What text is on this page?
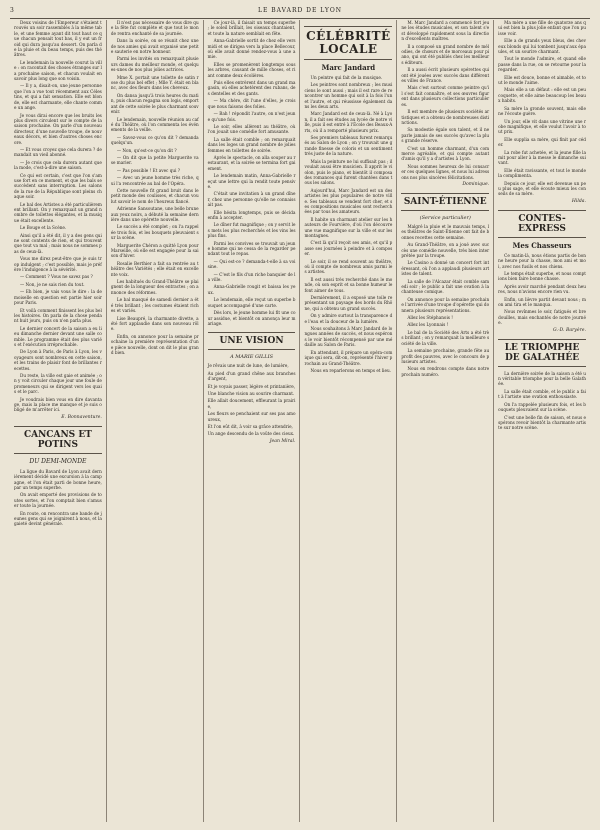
3	LE BAVARD DE LYON

Deux voisins de l'Empereur s'étaient trouvés un soir rassemblés à la même table, et une femme ayant dit tout haut ce que chacun pensait tout bas, il y eut un froid qui dura jusqu'au dessert. On parla de la pluie et du beau temps, puis des théâtres.

Le lendemain la nouvelle courut la ville : on racontait des choses étranges sur la prochaine saison, et chacun voulait en savoir plus long que son voisin.

— Il y a, disait-on, une jeune personne que l'on a vue tout récemment aux Célestins, et qui a fait sensation. Elle est blonde, elle est charmante, elle chante comme un ange.

Je vous dirai encore que les bruits les plus divers circulent sur le compte de la saison prochaine. On parle d'un nouveau directeur, d'une nouvelle troupe, de nouveaux décors, et bien d'autres choses encore.

— Et vous croyez que cela durera ? demandait un vieil abonné.

— Je crois que cela durera autant que la mode, c'est-à-dire une saison.

Ce qui est certain, c'est que l'on s'amuse fort en ce moment, et que les bals se succèdent sans interruption. Les salons de la rue de la République sont pleins chaque soir.

Le bal des Artistes a été particulièrement brillant. On y remarquait un grand nombre de toilettes élégantes, et la musique était excellente.

Le Bouge et la Scène.

Ainsi qu'il a été dit, il y a des gens qui ne sont contents de rien, et qui trouvent que tout va mal ; mais nous ne sommes pas de ceux-là.

Vous me direz peut-être que je suis trop indulgent ; c'est possible, mais je préfère l'indulgence à la sévérité.

— Comment ? Vous ne savez pas ?

— Non, je ne sais rien du tout.

— Eh bien, je vais vous le dire : la demoiselle en question est partie hier soir pour Paris.

Et voilà comment finissent les plus belles histoires. On parla de la chose pendant huit jours, puis on n'en parla plus.

Le dernier concert de la saison a eu lieu dimanche dernier devant une salle comble. Le programme était des plus variés et l'exécution irréprochable.

De Lyon à Paris, de Paris à Lyon, les voyageurs sont nombreux en cette saison, et les trains de plaisir font de brillantes recettes.

Du reste, la ville est gaie et animée ; on y voit circuler chaque jour une foule de promeneurs qui se dirigent vers les quais et le parc.

Je voudrais bien vous en dire davantage, mais la place me manque et je suis obligé de m'arrêter ici.

E. Bonnaventure.
CANCANS ET POTINS
DU DEMI-MONDE

La ligue du Bavard de Lyon avait dernièrement décidé une excursion à la campagne, et l'on était parti de bonne heure, par un temps superbe.

On avait emporté des provisions de toutes sortes, et l'on comptait bien s'amuser toute la journée.

En route, on rencontra une bande de jeunes gens qui se joignirent à nous, et la gaieté devint générale.

Il n'est pas nécessaire de vous dire que la fête fut complète et que tout le monde rentra enchanté de sa journée.

Dans la soirée, on se réunit chez une de nos amies qui avait organisé une petite sauterie en notre honneur.

Parmi les invités on remarquait plusieurs dames du meilleur monde, et quelques-unes de nos plus jolies actrices.

Mme X. portait une toilette de satin rose du plus bel effet ; Mlle Y. était en blanc, avec des fleurs dans les cheveux.

On dansa jusqu'à trois heures du matin, puis chacun regagna son logis, emportant de cette soirée le plus charmant souvenir.

Le lendemain, nouvelle réunion au café du Théâtre, où l'on commenta les événements de la veille.

— Savez-vous ce qu'on dit ? demanda quelqu'un.

— Non, qu'est-ce qu'on dit ?

— On dit que la petite Marguerite va se marier.

— Pas possible ! Et avec qui ?

— Avec un jeune homme très riche, qui l'a rencontrée au bal de l'Opéra.

Cette nouvelle fit grand bruit dans le petit monde des coulisses, et chacun voulut savoir le nom de l'heureux fiancé.

Adrienne Sansoutane, une belle brune aux yeux noirs, a débuté la semaine dernière dans une opérette nouvelle.

Le succès a été complet ; on l'a rappelée trois fois, et les bouquets pleuvaient sur la scène.

Marguerite Chéron a quitté Lyon pour Marseille, où elle est engagée pour la saison d'hiver.

Rosalie Berthier a fait sa rentrée au théâtre des Variétés ; elle était en excellente voix.

Les habitués du Grand-Théâtre se plaignent de la longueur des entractes ; on annonce des réformes.

Le bal masqué de samedi dernier a été très brillant ; les costumes étaient riches et variés.

Lise Beaupré, la charmante divette, a été fort applaudie dans son nouveau rôle.

Enfin, on annonce pour la semaine prochaine la première représentation d'une pièce nouvelle, dont on dit le plus grand bien.

Ce jour-là, il faisait un temps superbe ; le soleil brillait, les oiseaux chantaient, et toute la nature semblait en fête.

Anna-Gabrielle sortit de chez elle vers midi et se dirigea vers la place Bellecour, où elle avait donné rendez-vous à une amie.

Elles se promenèrent longtemps sous les arbres, causant de mille choses, et riant comme deux écolières.

Puis elles entrèrent dans un grand magasin, où elles achetèrent des rubans, des dentelles et des gants.

— Ma chère, dit l'une d'elles, je crois que nous faisons des folies.

— Bah ! répondit l'autre, on n'est jeune qu'une fois.

Le soir, elles allèrent au théâtre, où l'on jouait une comédie fort amusante.

La salle était comble ; on remarquait dans les loges un grand nombre de jolies femmes en toilettes de soirée.

Après le spectacle, on alla souper au restaurant, et la soirée se termina fort gaiement.

Le lendemain matin, Anna-Gabrielle reçut une lettre qui la rendit toute pensive.

C'était une invitation à un grand dîner, chez une personne qu'elle ne connaissait pas.

Elle hésita longtemps, puis se décida enfin à accepter.

Le dîner fut magnifique ; on y servit les mets les plus recherchés et les vins les plus fins.

Parmi les convives se trouvait un jeune homme qui ne cessa de la regarder pendant tout le repas.

— Qui est-ce ? demanda-t-elle à sa voisine.

— C'est le fils d'un riche banquier de la ville.

Anna-Gabrielle rougit et baissa les yeux.

Le lendemain, elle reçut un superbe bouquet accompagné d'une carte.

Dès lors, le jeune homme lui fit une cour assidue, et bientôt on annonça leur mariage.

UNE VISION
A MARIE GILLIS

Je rêvais une nuit de lune, de lumière,

Au pied d'un grand chêne aux branches d'argent,

Et je voyais passer, légère et printanière,

Une blanche vision au sourire charmant.

Elle allait doucement, effleurant la prairie,

Les fleurs se penchaient sur ses pas amoureux,

Et l'on eût dit, à voir sa grâce attendrie,

Un ange descendu de la voûte des cieux.

Jean Miral.
CÉLÉBRITÉ LOCALE
Marc Jandard

Un peintre qui fait de la musique.

Les peintres sont nombreux ; les musiciens le sont aussi ; mais il est rare de rencontrer un homme qui soit à la fois l'un et l'autre, et qui réussisse également dans les deux arts.

Marc Jandard est de ceux-là. Né à Lyon, il a fait ses études au lycée de notre ville, puis il est entré à l'École des Beaux-Arts, où il a remporté plusieurs prix.

Ses premiers tableaux furent remarqués au Salon de Lyon ; on y trouvait une grande finesse de coloris et un sentiment très juste de la nature.

Mais la peinture ne lui suffisait pas ; il voulait aussi être musicien. Il apprit le violon, puis le piano, et bientôt il composa des romances qui furent chantées dans tous les salons.

Aujourd'hui, Marc Jandard est un des artistes les plus populaires de notre ville. Ses tableaux se vendent fort cher, et ses compositions musicales sont recherchées par tous les amateurs.

Il habite un charmant atelier sur les hauteurs de Fourvière, d'où l'on découvre une vue magnifique sur la ville et sur les montagnes.

C'est là qu'il reçoit ses amis, et qu'il passe ses journées à peindre et à composer.

Le soir, il se rend souvent au théâtre, où il compte de nombreux amis parmi les artistes.

Il est aussi très recherché dans le monde, où son esprit et sa bonne humeur le font aimer de tous.

Dernièrement, il a exposé une toile représentant un paysage des bords du Rhône, qui a obtenu un grand succès.

On y admire surtout la transparence de l'eau et la douceur de la lumière.

Nous souhaitons à Marc Jandard de longues années de succès, et nous espérons le voir bientôt récompensé par une médaille au Salon de Paris.

En attendant, il prépare un opéra-comique qui sera, dit-on, représenté l'hiver prochain au Grand-Théâtre.

Nous en reparlerons en temps et lieu.

M. Marc Jandard a commencé fort jeune les études musicales, et son talent s'est développé rapidement sous la direction d'excellents maîtres.

Il a composé un grand nombre de mélodies, de chœurs et de morceaux pour piano, qui ont été publiés chez les meilleurs éditeurs.

Il a aussi écrit plusieurs opérettes qui ont été jouées avec succès dans différentes villes de France.

Mais c'est surtout comme peintre qu'il s'est fait connaître, et ses œuvres figurent dans plusieurs collections particulières.

Il est membre de plusieurs sociétés artistiques et a obtenu de nombreuses distinctions.

Sa modestie égale son talent, et il ne parle jamais de ses succès qu'avec la plus grande réserve.

C'est un homme charmant, d'un commerce agréable, et qui compte autant d'amis qu'il y a d'artistes à Lyon.

Nous sommes heureux de lui consacrer ces quelques lignes, et nous lui adressons nos plus sincères félicitations.

Dominique.
SAINT-ÉTIENNE
(Service particulier)

Malgré la pluie et le mauvais temps, les théâtres de Saint-Étienne ont fait de bonnes recettes cette semaine.

Au Grand-Théâtre, on a joué avec succès une comédie nouvelle, très bien interprétée par la troupe.

Le Casino a donné un concert fort intéressant, où l'on a applaudi plusieurs artistes de talent.

La salle de l'Alcazar était comble samedi soir ; le public a fait une ovation à la chanteuse comique.

On annonce pour la semaine prochaine l'arrivée d'une troupe d'opérette qui donnera plusieurs représentations.

Allez les Stéphanois !

Allez les Lyonnais !

Le bal de la Société des Arts a été très brillant ; on y remarquait la meilleure société de la ville.

La semaine prochaine, grande fête au profit des pauvres, avec le concours de plusieurs artistes.

Nous en rendrons compte dans notre prochain numéro.

Ma mère a une fille de quatorze ans qui est bien la plus jolie enfant que l'on puisse voir.

Elle a de grands yeux bleus, des cheveux blonds qui lui tombent jusqu'aux épaules, et un sourire charmant.

Tout le monde l'admire, et quand elle passe dans la rue, on se retourne pour la regarder.

Elle est douce, bonne et aimable, et tout le monde l'aime.

Mais elle a un défaut : elle est un peu coquette, et elle aime beaucoup les beaux habits.

Sa mère la gronde souvent, mais elle ne l'écoute guère.

Un jour, elle vit dans une vitrine une robe magnifique, et elle voulut l'avoir à tout prix.

Elle supplia sa mère, qui finit par céder.

La robe fut achetée, et la jeune fille la mit pour aller à la messe le dimanche suivant.

Elle était ravissante, et tout le monde la complimenta.

Depuis ce jour, elle est devenue un peu plus sage, et elle écoute mieux les conseils de sa mère.

Hilda.
CONTES-EXPRESS
Mes Chasseurs

Ce matin-là, nous étions partis de bonne heure pour la chasse, mon ami et moi, avec nos fusils et nos chiens.

Le temps était superbe, et nous comptions bien faire bonne chasse.

Après avoir marché pendant deux heures, nous n'avions encore rien vu.

Enfin, un lièvre partit devant nous ; mon ami tira et le manqua.

Nous revînmes le soir, fatigués et bredouilles, mais enchantés de notre journée.

G.-D. Baryère.
LE TRIOMPHE DE GALATHÉE

La dernière soirée de la saison a été un véritable triomphe pour la belle Galathée.

La salle était comble, et le public a fait à l'artiste une ovation enthousiaste.

On l'a rappelée plusieurs fois, et les bouquets pleuvaient sur la scène.

C'est une belle fin de saison, et nous espérons revoir bientôt la charmante artiste sur notre scène.
